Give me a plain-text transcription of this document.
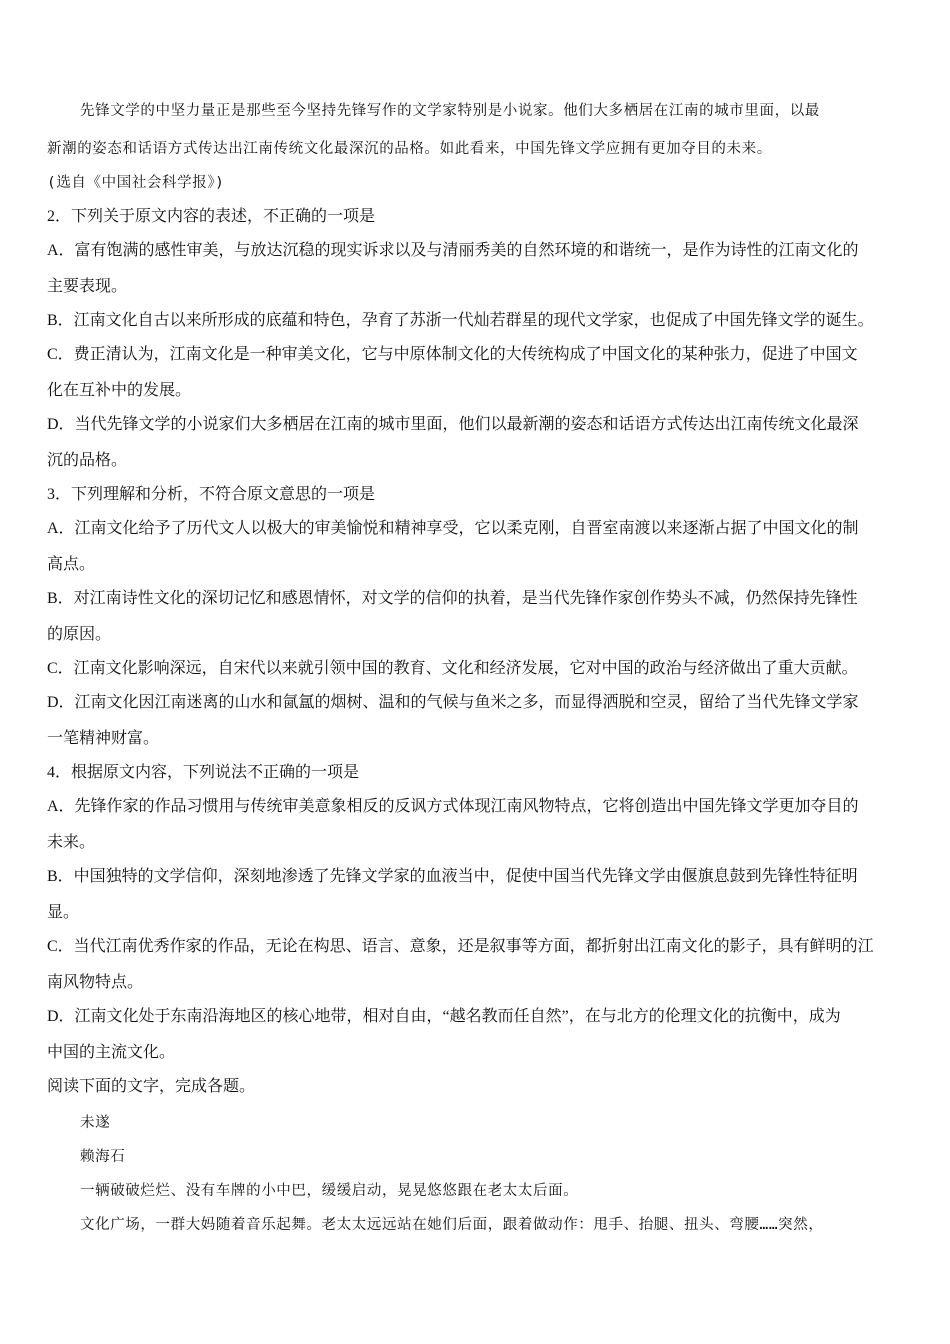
先锋文学的中坚力量正是那些至今坚持先锋写作的文学家特别是小说家。他们大多栖居在江南的城市里面，以最
新潮的姿态和话语方式传达出江南传统文化最深沉的品格。如此看来，中国先锋文学应拥有更加夺目的未来。
(选自《中国社会科学报》)
2．下列关于原文内容的表述，不正确的一项是
A．富有饱满的感性审美，与放达沉稳的现实诉求以及与清丽秀美的自然环境的和谐统一，是作为诗性的江南文化的
主要表现。
B．江南文化自古以来所形成的底蕴和特色，孕育了苏浙一代灿若群星的现代文学家，也促成了中国先锋文学的诞生。
C．费正清认为，江南文化是一种审美文化，它与中原体制文化的大传统构成了中国文化的某种张力，促进了中国文
化在互补中的发展。
D．当代先锋文学的小说家们大多栖居在江南的城市里面，他们以最新潮的姿态和话语方式传达出江南传统文化最深
沉的品格。
3．下列理解和分析，不符合原文意思的一项是
A．江南文化给予了历代文人以极大的审美愉悦和精神享受，它以柔克刚，自晋室南渡以来逐渐占据了中国文化的制
高点。
B．对江南诗性文化的深切记忆和感恩情怀，对文学的信仰的执着，是当代先锋作家创作势头不减，仍然保持先锋性
的原因。
C．江南文化影响深远，自宋代以来就引领中国的教育、文化和经济发展，它对中国的政治与经济做出了重大贡献。
D．江南文化因江南迷离的山水和氤氲的烟树、温和的气候与鱼米之多，而显得洒脱和空灵，留给了当代先锋文学家
一笔精神财富。
4．根据原文内容，下列说法不正确的一项是
A．先锋作家的作品习惯用与传统审美意象相反的反讽方式体现江南风物特点，它将创造出中国先锋文学更加夺目的
未来。
B．中国独特的文学信仰，深刻地渗透了先锋文学家的血液当中，促使中国当代先锋文学由偃旗息鼓到先锋性特征明
显。
C．当代江南优秀作家的作品，无论在构思、语言、意象，还是叙事等方面，都折射出江南文化的影子，具有鲜明的江
南风物特点。
D．江南文化处于东南沿海地区的核心地带，相对自由，“越名教而任自然”，在与北方的伦理文化的抗衡中，成为
中国的主流文化。
阅读下面的文字，完成各题。
未遂
赖海石
一辆破破烂烂、没有车牌的小中巴，缓缓启动，晃晃悠悠跟在老太太后面。
文化广场，一群大妈随着音乐起舞。老太太远远站在她们后面，跟着做动作：甩手、抬腿、扭头、弯腰……突然，
